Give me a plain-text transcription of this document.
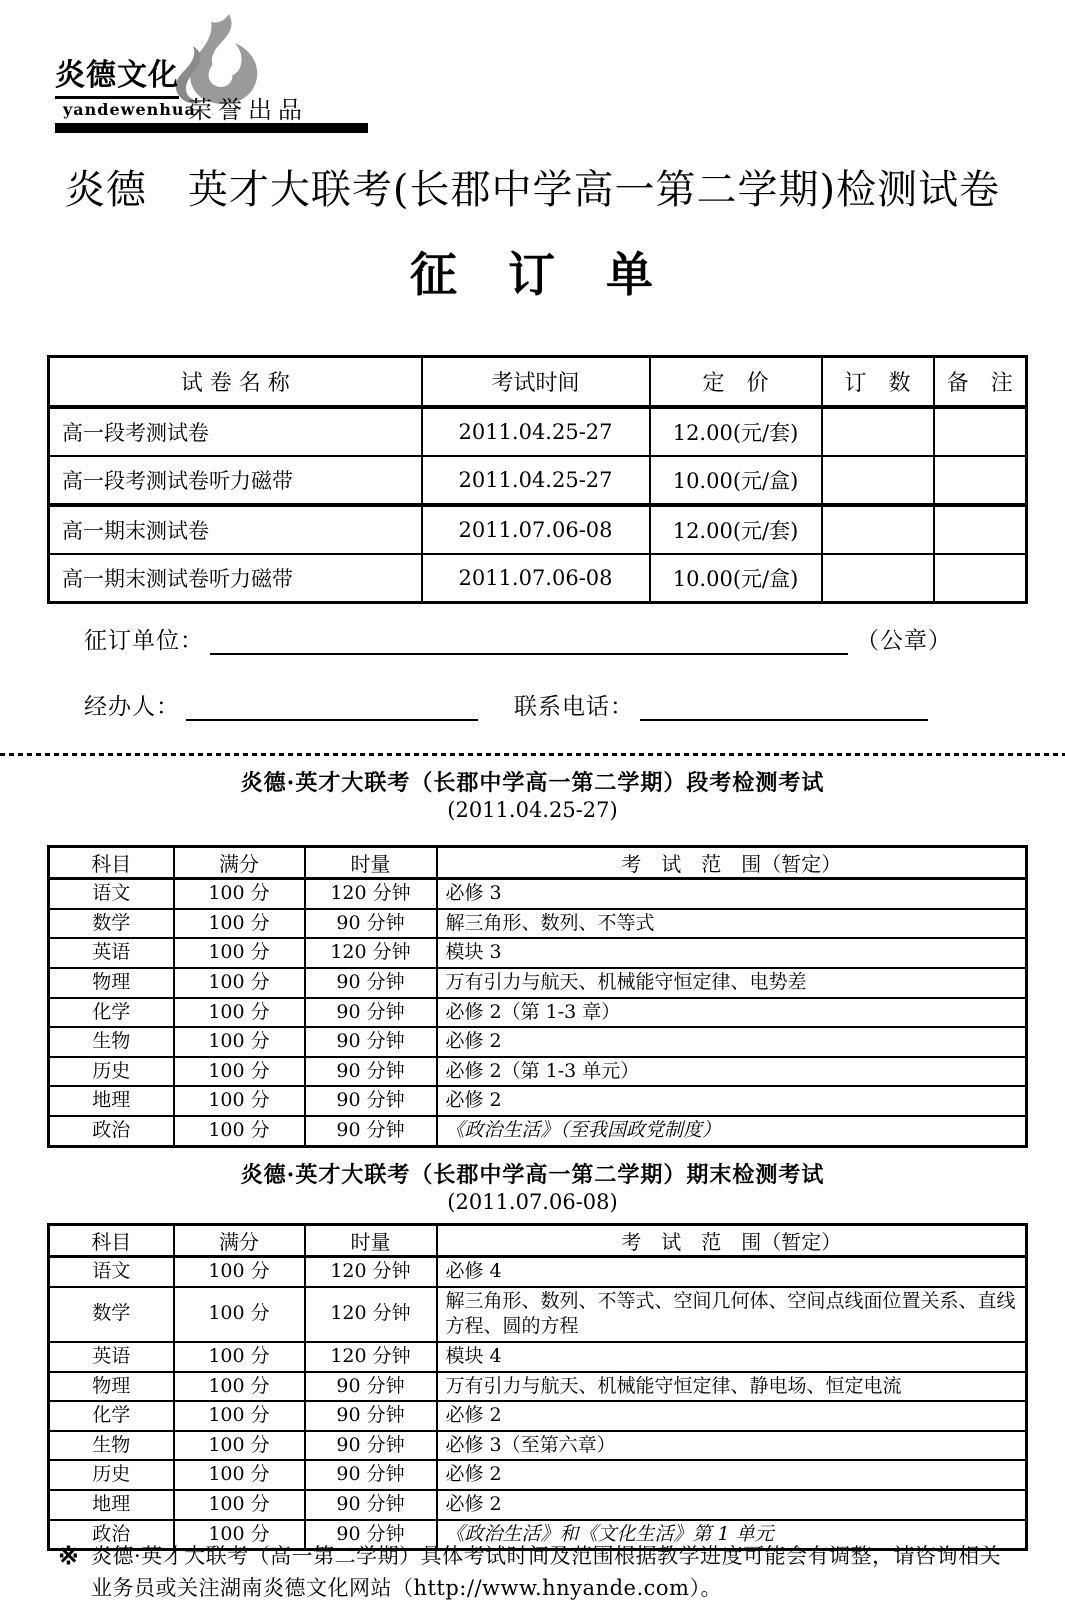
炎德文化
yandewenhua
荣誉出品
炎德　英才大联考(长郡中学高一第二学期)检测试卷
征　订　单
试 卷 名 称	考试时间	定　价	订　数	备　注
高一段考测试卷	2011.04.25-27	12.00(元/套)		
高一段考测试卷听力磁带	2011.04.25-27	10.00(元/盒)		
高一期末测试卷	2011.07.06-08	12.00(元/套)		
高一期末测试卷听力磁带	2011.07.06-08	10.00(元/盒)		
征订单位：	（公章）
经办人：	联系电话：
炎德·英才大联考（长郡中学高一第二学期）段考检测考试
(2011.04.25-27)
科目	满分	时量	考　试　范　围（暂定）
语文	100 分	120 分钟	必修 3
数学	100 分	90 分钟	解三角形、数列、不等式
英语	100 分	120 分钟	模块 3
物理	100 分	90 分钟	万有引力与航天、机械能守恒定律、电势差
化学	100 分	90 分钟	必修 2（第 1-3 章）
生物	100 分	90 分钟	必修 2
历史	100 分	90 分钟	必修 2（第 1-3 单元）
地理	100 分	90 分钟	必修 2
政治	100 分	90 分钟	《政治生活》（至我国政党制度）
炎德·英才大联考（长郡中学高一第二学期）期末检测考试
(2011.07.06-08)
科目	满分	时量	考　试　范　围（暂定）
语文	100 分	120 分钟	必修 4
数学	100 分	120 分钟	解三角形、数列、不等式、空间几何体、空间点线面位置关系、直线方程、圆的方程
英语	100 分	120 分钟	模块 4
物理	100 分	90 分钟	万有引力与航天、机械能守恒定律、静电场、恒定电流
化学	100 分	90 分钟	必修 2
生物	100 分	90 分钟	必修 3（至第六章）
历史	100 分	90 分钟	必修 2
地理	100 分	90 分钟	必修 2
政治	100 分	90 分钟	《政治生活》和《文化生活》第 1 单元
※ 炎德·英才大联考（高一第二学期）具体考试时间及范围根据教学进度可能会有调整，请咨询相关业务员或关注湖南炎德文化网站（http://www.hnyande.com）。
